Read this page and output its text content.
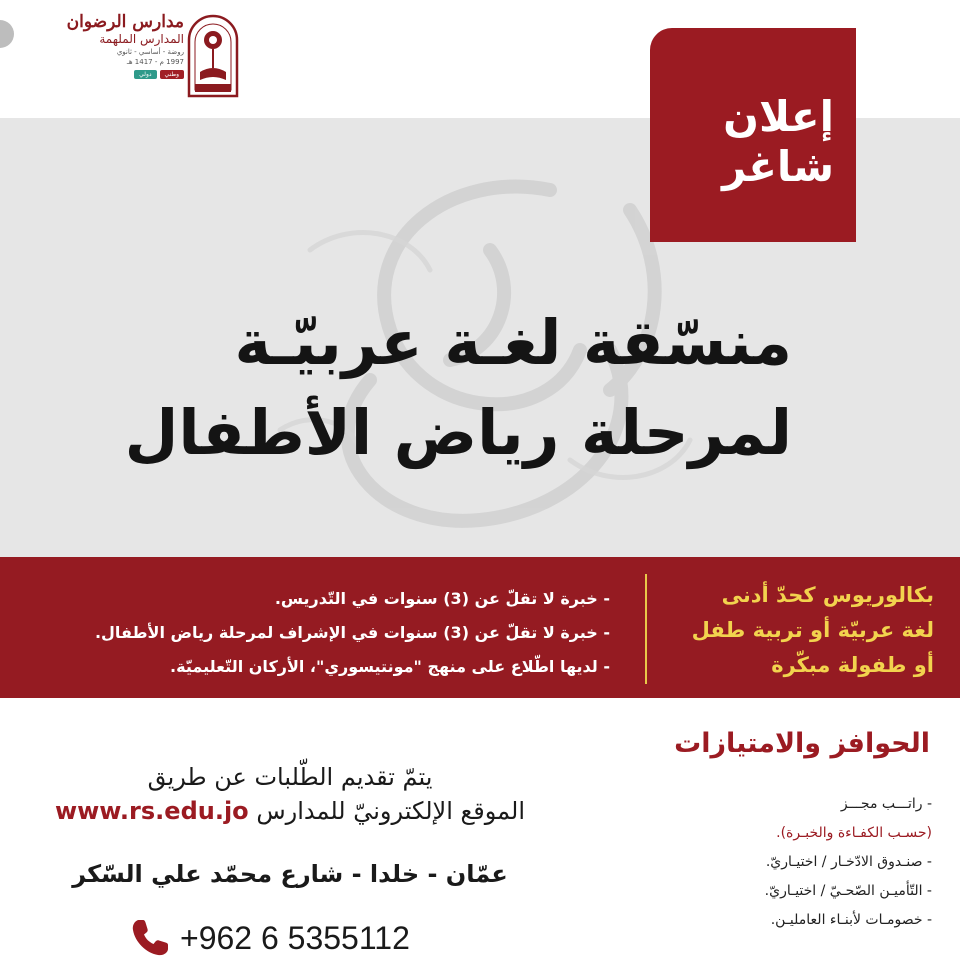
مدارس الرضوان
المدارس الملهمة
روضة - أساسي - ثانوي
1997 م - 1417 هـ
دولي	وطني
إعلان
شاغر
منسّقة لغـة عربيّـة
لمرحلة رياض الأطفال
- خبرة لا تقلّ عن (3) سنوات في التّدريس.
- خبرة لا تقلّ عن (3) سنوات في الإشراف لمرحلة رياض الأطفال.
- لديها اطّلاع على منهج "مونتيسوري"، الأركان التّعليميّة.
بكالوريوس كحدّ أدنى
لغة عربيّة أو تربية طفل
أو طفولة مبكّرة
الحوافز والامتيازات
- راتـــب مجـــز
(حسـب الكفـاءة والخبـرة).
- صنـدوق الادّخـار / اختيـاريّ.
- التّأميـن الصّحـيّ / اختيـاريّ.
- خصومـات لأبنـاء العامليـن.
يتمّ تقديم الطّلبات عن طريق
الموقع الإلكترونيّ للمدارس www.rs.edu.jo
عمّان - خلدا - شارع محمّد علي السّكر
+962 6 5355112
